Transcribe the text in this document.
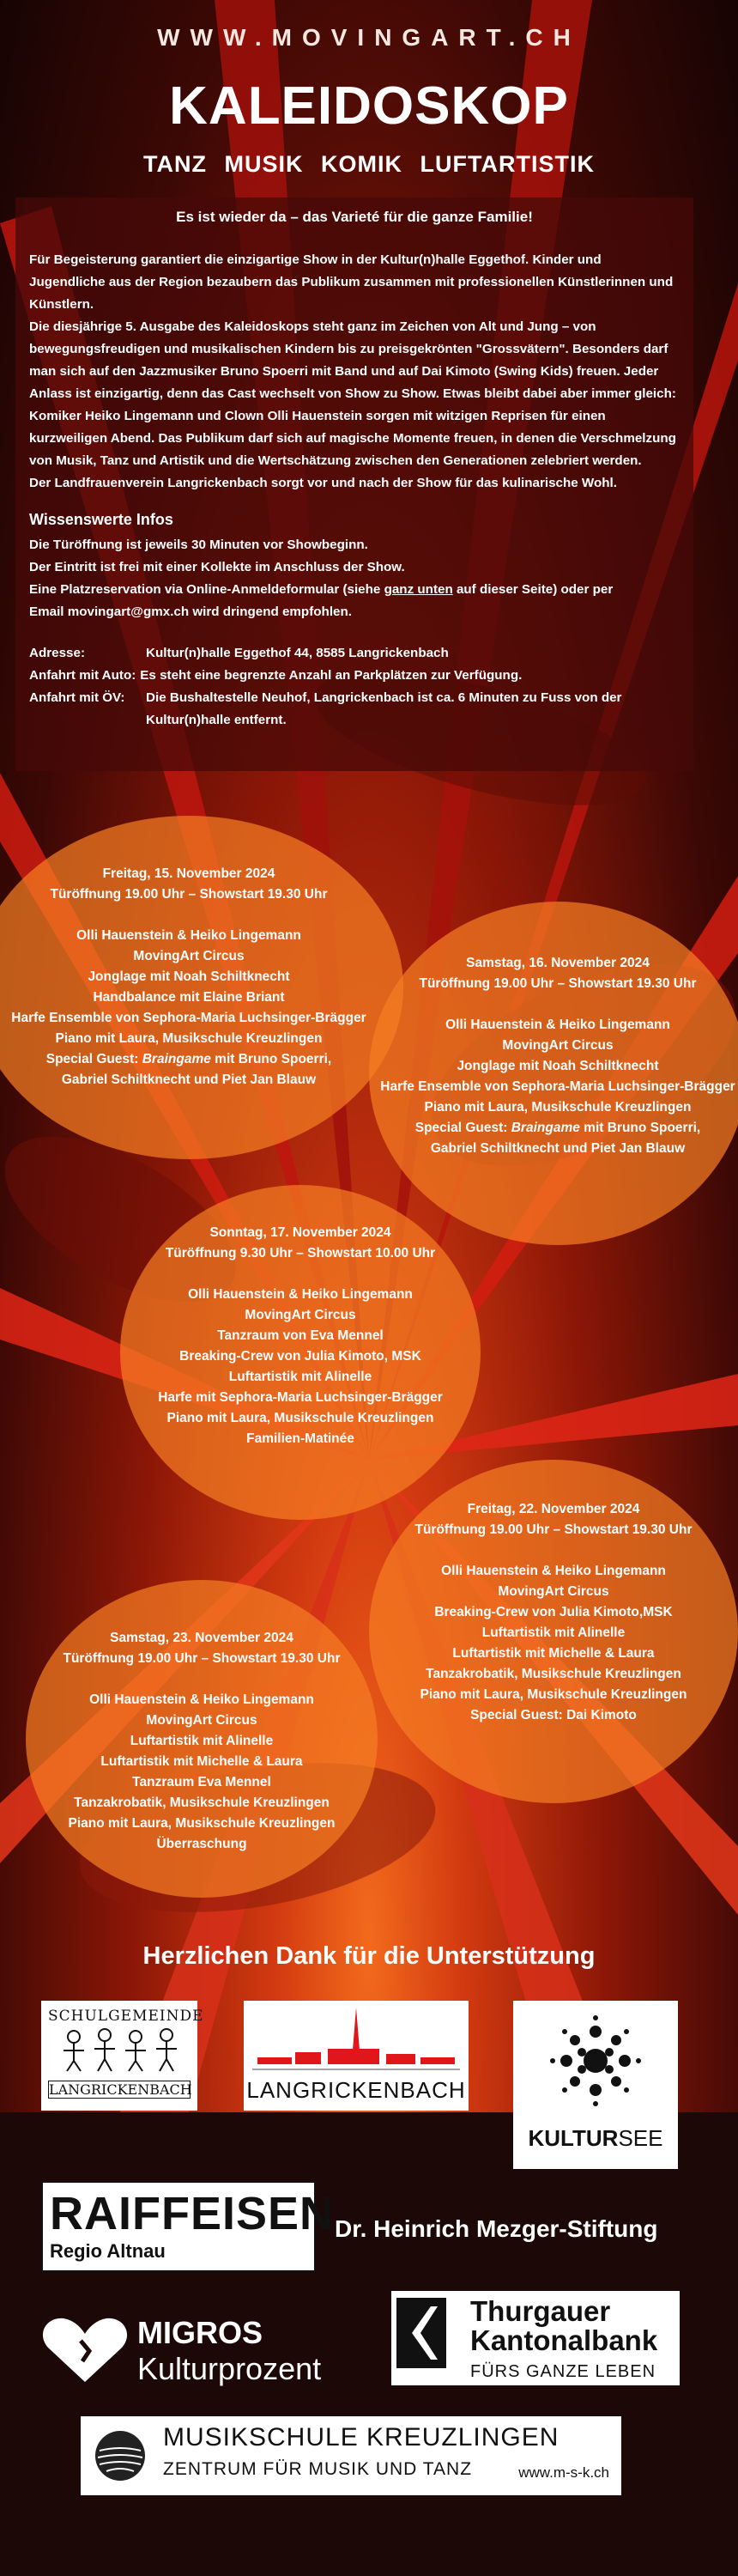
WWW.MOVINGART.CH
KALEIDOSKOP
TANZ MUSIK KOMIK LUFTARTISTIK
Es ist wieder da – das Varieté für die ganze Familie!
Für Begeisterung garantiert die einzigartige Show in der Kultur(n)halle Eggethof. Kinder und Jugendliche aus der Region bezaubern das Publikum zusammen mit professionellen Künstlerinnen und Künstlern.
Die diesjährige 5. Ausgabe des Kaleidoskops steht ganz im Zeichen von Alt und Jung – von bewegungsfreudigen und musikalischen Kindern bis zu preisgekrönten "Grossvätern". Besonders darf man sich auf den Jazzmusiker Bruno Spoerri mit Band und auf Dai Kimoto (Swing Kids) freuen. Jeder Anlass ist einzigartig, denn das Cast wechselt von Show zu Show. Etwas bleibt dabei aber immer gleich: Komiker Heiko Lingemann und Clown Olli Hauenstein sorgen mit witzigen Reprisen für einen kurzweiligen Abend. Das Publikum darf sich auf magische Momente freuen, in denen die Verschmelzung von Musik, Tanz und Artistik und die Wertschätzung zwischen den Generationen zelebriert werden.
Der Landfrauenverein Langrickenbach sorgt vor und nach der Show für das kulinarische Wohl.
Wissenswerte Infos

Die Türöffnung ist jeweils 30 Minuten vor Showbeginn.

Der Eintritt ist frei mit einer Kollekte im Anschluss der Show.

Eine Platzreservation via Online-Anmeldeformular (siehe ganz unten auf dieser Seite) oder per

Email movingart@gmx.ch wird dringend empfohlen.

Adresse:	Kultur(n)halle Eggethof 44, 8585 Langrickenbach
Anfahrt mit Auto: Es steht eine begrenzte Anzahl an Parkplätzen zur Verfügung.
Anfahrt mit ÖV:	Die Bushaltestelle Neuhof, Langrickenbach ist ca. 6 Minuten zu Fuss von der
Kultur(n)halle entfernt.
Freitag, 15. November 2024
Türöffnung 19.00 Uhr – Showstart 19.30 Uhr
Olli Hauenstein & Heiko Lingemann
MovingArt Circus
Jonglage mit Noah Schiltknecht
Handbalance mit Elaine Briant
Harfe Ensemble von Sephora-Maria Luchsinger-Brägger
Piano mit Laura, Musikschule Kreuzlingen
Special Guest: Braingame mit Bruno Spoerri,
Gabriel Schiltknecht und Piet Jan Blauw
Samstag, 16. November 2024
Türöffnung 19.00 Uhr – Showstart 19.30 Uhr
Olli Hauenstein & Heiko Lingemann
MovingArt Circus
Jonglage mit Noah Schiltknecht
Harfe Ensemble von Sephora-Maria Luchsinger-Brägger
Piano mit Laura, Musikschule Kreuzlingen
Special Guest: Braingame mit Bruno Spoerri,
Gabriel Schiltknecht und Piet Jan Blauw
Sonntag, 17. November 2024
Türöffnung 9.30 Uhr – Showstart 10.00 Uhr
Olli Hauenstein & Heiko Lingemann
MovingArt Circus
Tanzraum von Eva Mennel
Breaking-Crew von Julia Kimoto, MSK
Luftartistik mit Alinelle
Harfe mit Sephora-Maria Luchsinger-Brägger
Piano mit Laura, Musikschule Kreuzlingen
Familien-Matinée
Freitag, 22. November 2024
Türöffnung 19.00 Uhr – Showstart 19.30 Uhr
Olli Hauenstein & Heiko Lingemann
MovingArt Circus
Breaking-Crew von Julia Kimoto,MSK
Luftartistik mit Alinelle
Luftartistik mit Michelle & Laura
Tanzakrobatik, Musikschule Kreuzlingen
Piano mit Laura, Musikschule Kreuzlingen
Special Guest: Dai Kimoto
Samstag, 23. November 2024
Türöffnung 19.00 Uhr – Showstart 19.30 Uhr
Olli Hauenstein & Heiko Lingemann
MovingArt Circus
Luftartistik mit Alinelle
Luftartistik mit Michelle & Laura
Tanzraum Eva Mennel
Tanzakrobatik, Musikschule Kreuzlingen
Piano mit Laura, Musikschule Kreuzlingen
Überraschung
Herzlichen Dank für die Unterstützung
SCHULGEMEINDE
LANGRICKENBACH LANGRICKENBACH
KULTURSEE
RAIFFEISEN
Regio Altnau
Dr. Heinrich Mezger-Stiftung
MIGROS
Kulturprozent
Thurgauer
Kantonalbank
FÜRS GANZE LEBEN
MUSIKSCHULE KREUZLINGEN
ZENTRUM FÜR MUSIK UND TANZ	www.m-s-k.ch
